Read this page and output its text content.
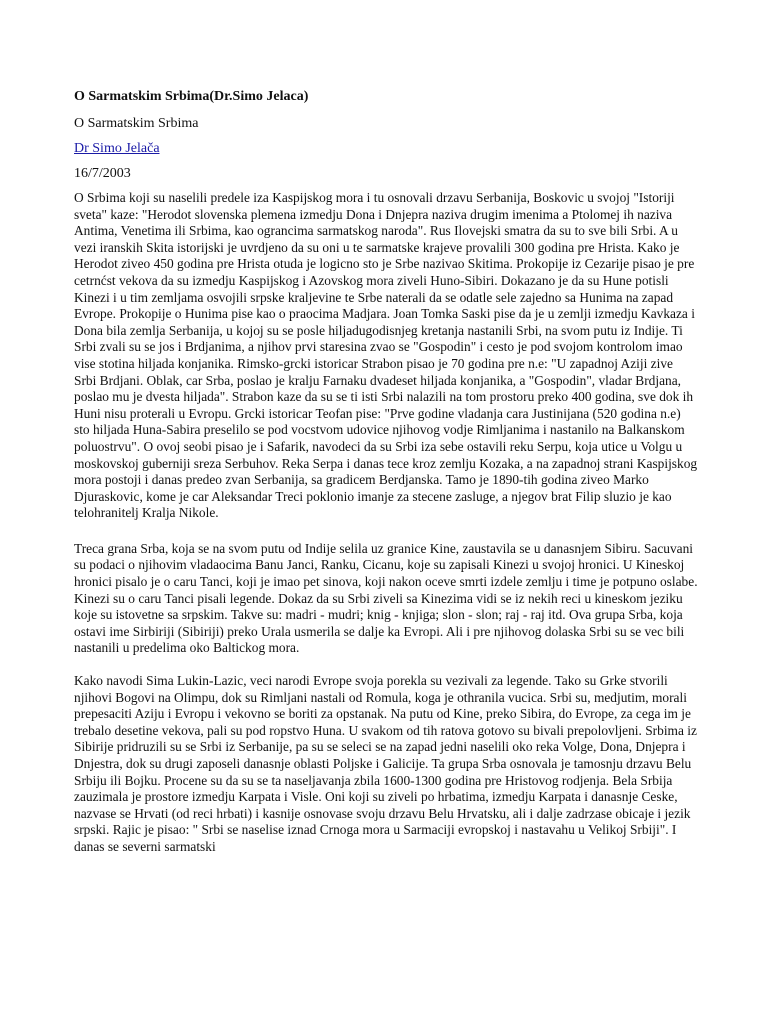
O Sarmatskim Srbima(Dr.Simo Jelaca)
O Sarmatskim Srbima
Dr Simo Jelača
16/7/2003

O Srbima koji su naselili predele iza Kaspijskog mora i tu osnovali drzavu Serbanija, Boskovic u svojoj "Istoriji sveta" kaze: "Herodot slovenska plemena izmedju Dona i Dnjepra naziva drugim imenima a Ptolomej ih naziva Antima, Venetima ili Srbima, kao ograncima sarmatskog naroda". Rus Ilovejski smatra da su to sve bili Srbi. A u vezi iranskih Skita istorijski je uvrdjeno da su oni u te sarmatske krajeve provalili 300 godina pre Hrista. Kako je Herodot ziveo 450 godina pre Hrista otuda je logicno sto je Srbe nazivao Skitima. Prokopije iz Cezarije pisao je pre cetrnćst vekova da su izmedju Kaspijskog i Azovskog mora ziveli Huno-Sibiri. Dokazano je da su Hune potisli Kinezi i u tim zemljama osvojili srpske kraljevine te Srbe naterali da se odatle sele zajedno sa Hunima na zapad Evrope. Prokopije o Hunima pise kao o praocima Madjara. Joan Tomka Saski pise da je u zemlji izmedju Kavkaza i Dona bila zemlja Serbanija, u kojoj su se posle hiljadugodisnjeg kretanja nastanili Srbi, na svom putu iz Indije. Ti Srbi zvali su se jos i Brdjanima, a njihov prvi staresina zvao se "Gospodin" i cesto je pod svojom kontrolom imao vise stotina hiljada konjanika. Rimsko-grcki istoricar Strabon pisao je 70 godina pre n.e: "U zapadnoj Aziji zive Srbi Brdjani. Oblak, car Srba, poslao je kralju Farnaku dvadeset hiljada konjanika, a "Gospodin", vladar Brdjana, poslao mu je dvesta hiljada". Strabon kaze da su se ti isti Srbi nalazili na tom prostoru preko 400 godina, sve dok ih Huni nisu proterali u Evropu. Grcki istoricar Teofan pise: "Prve godine vladanja cara Justinijana (520 godina n.e) sto hiljada Huna-Sabira preselilo se pod vocstvom udovice njihovog vodje Rimljanima i nastanilo na Balkanskom poluostrvu". O ovoj seobi pisao je i Safarik, navodeci da su Srbi iza sebe ostavili reku Serpu, koja utice u Volgu u moskovskoj guberniji sreza Serbuhov. Reka Serpa i danas tece kroz zemlju Kozaka, a na zapadnoj strani Kaspijskog mora postoji i danas predeo zvan Serbanija, sa gradicem Berdjanska. Tamo je 1890-tih godina ziveo Marko Djuraskovic, kome je car Aleksandar Treci poklonio imanje za stecene zasluge, a njegov brat Filip sluzio je kao telohranitelj Kralja Nikole.

Treca grana Srba, koja se na svom putu od Indije selila uz granice Kine, zaustavila se u danasnjem Sibiru. Sacuvani su podaci o njihovim vladaocima Banu Janci, Ranku, Cicanu, koje su zapisali Kinezi u svojoj hronici. U Kineskoj hronici pisalo je o caru Tanci, koji je imao pet sinova, koji nakon oceve smrti izdele zemlju i time je potpuno oslabe. Kinezi su o caru Tanci pisali legende. Dokaz da su Srbi ziveli sa Kinezima vidi se iz nekih reci u kineskom jeziku koje su istovetne sa srpskim. Takve su: madri - mudri; knig - knjiga; slon - slon; raj - raj itd. Ova grupa Srba, koja ostavi ime Sirbiriji (Sibiriji) preko Urala usmerila se dalje ka Evropi. Ali i pre njihovog dolaska Srbi su se vec bili nastanili u predelima oko Baltickog mora.

Kako navodi Sima Lukin-Lazic, veci narodi Evrope svoja porekla su vezivali za legende. Tako su Grke stvorili njihovi Bogovi na Olimpu, dok su Rimljani nastali od Romula, koga je othranila vucica. Srbi su, medjutim, morali prepesaciti Aziju i Evropu i vekovno se boriti za opstanak. Na putu od Kine, preko Sibira, do Evrope, za cega im je trebalo desetine vekova, pali su pod ropstvo Huna. U svakom od tih ratova gotovo su bivali prepolovljeni. Srbima iz Sibirije pridruzili su se Srbi iz Serbanije, pa su se seleci se na zapad jedni naselili oko reka Volge, Dona, Dnjepra i Dnjestra, dok su drugi zaposeli danasnje oblasti Poljske i Galicije. Ta grupa Srba osnovala je tamosnju drzavu Belu Srbiju ili Bojku. Procene su da su se ta naseljavanja zbila 1600-1300 godina pre Hristovog rodjenja. Bela Srbija zauzimala je prostore izmedju Karpata i Visle. Oni koji su ziveli po hrbatima, izmedju Karpata i danasnje Ceske, nazvase se Hrvati (od reci hrbati) i kasnije osnovase svoju drzavu Belu Hrvatsku, ali i dalje zadrzase obicaje i jezik srpski. Rajic je pisao: " Srbi se naselise iznad Crnoga mora u Sarmaciji evropskoj i nastavahu u Velikoj Srbiji". I danas se severni sarmatski
